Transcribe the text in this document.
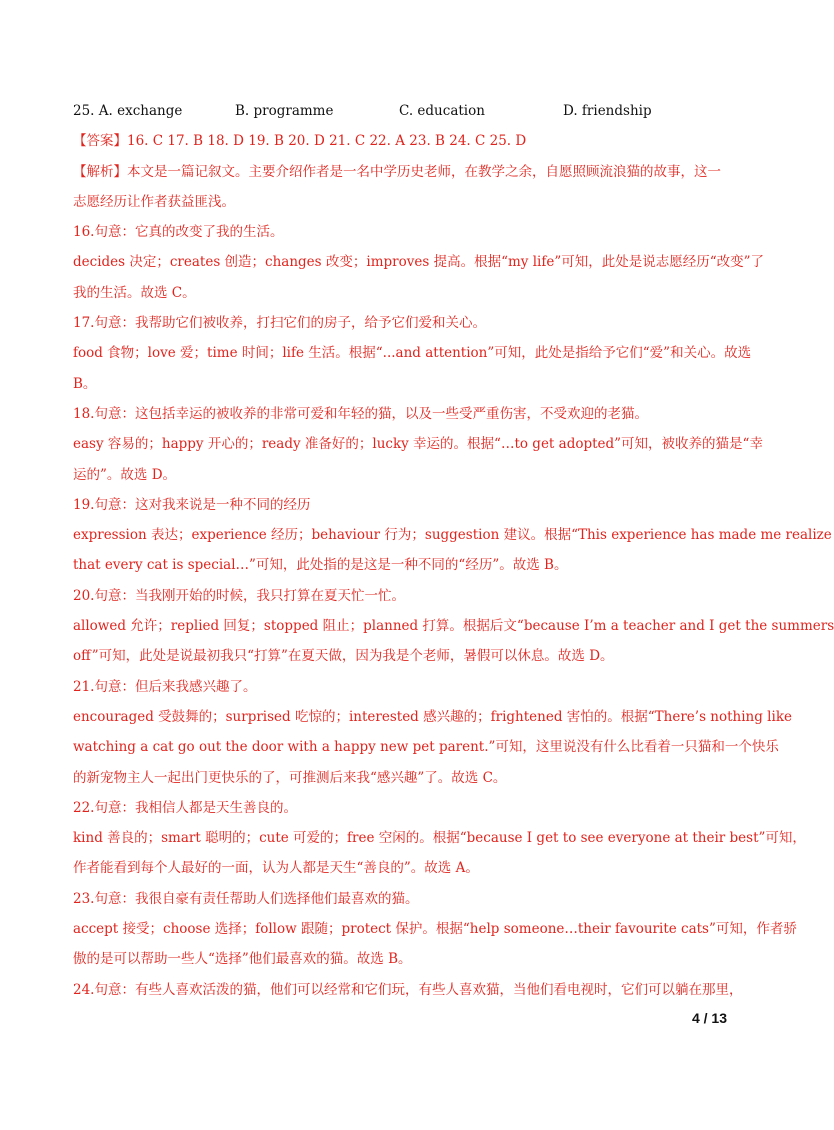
25. A. exchange	B. programme	C. education	D. friendship
【答案】16. C 17. B 18. D 19. B 20. D 21. C 22. A 23. B 24. C 25. D
【解析】本文是一篇记叙文。主要介绍作者是一名中学历史老师，在教学之余，自愿照顾流浪猫的故事，这一
志愿经历让作者获益匪浅。
16.句意：它真的改变了我的生活。
decides 决定；creates 创造；changes 改变；improves 提高。根据“my life”可知，此处是说志愿经历“改变”了
我的生活。故选 C。
17.句意：我帮助它们被收养，打扫它们的房子，给予它们爱和关心。
food 食物；love 爱；time 时间；life 生活。根据“...and attention”可知，此处是指给予它们“爱”和关心。故选
B。
18.句意：这包括幸运的被收养的非常可爱和年轻的猫，以及一些受严重伤害，不受欢迎的老猫。
easy 容易的；happy 开心的；ready 准备好的；lucky 幸运的。根据“…to get adopted”可知，被收养的猫是“幸
运的”。故选 D。
19.句意：这对我来说是一种不同的经历
expression 表达；experience 经历；behaviour 行为；suggestion 建议。根据“This experience has made me realize
that every cat is special…”可知，此处指的是这是一种不同的“经历”。故选 B。
20.句意：当我刚开始的时候，我只打算在夏天忙一忙。
allowed 允许；replied 回复；stopped 阻止；planned 打算。根据后文“because I’m a teacher and I get the summers
off”可知，此处是说最初我只“打算”在夏天做，因为我是个老师，暑假可以休息。故选 D。
21.句意：但后来我感兴趣了。
encouraged 受鼓舞的；surprised 吃惊的；interested 感兴趣的；frightened 害怕的。根据“There’s nothing like
watching a cat go out the door with a happy new pet parent.”可知，这里说没有什么比看着一只猫和一个快乐
的新宠物主人一起出门更快乐的了，可推测后来我“感兴趣”了。故选 C。
22.句意：我相信人都是天生善良的。
kind 善良的；smart 聪明的；cute 可爱的；free 空闲的。根据“because I get to see everyone at their best”可知，
作者能看到每个人最好的一面，认为人都是天生“善良的”。故选 A。
23.句意：我很自豪有责任帮助人们选择他们最喜欢的猫。
accept 接受；choose 选择；follow 跟随；protect 保护。根据“help someone…their favourite cats”可知，作者骄
傲的是可以帮助一些人“选择”他们最喜欢的猫。故选 B。
24.句意：有些人喜欢活泼的猫，他们可以经常和它们玩，有些人喜欢猫，当他们看电视时，它们可以躺在那里，
4 / 13
